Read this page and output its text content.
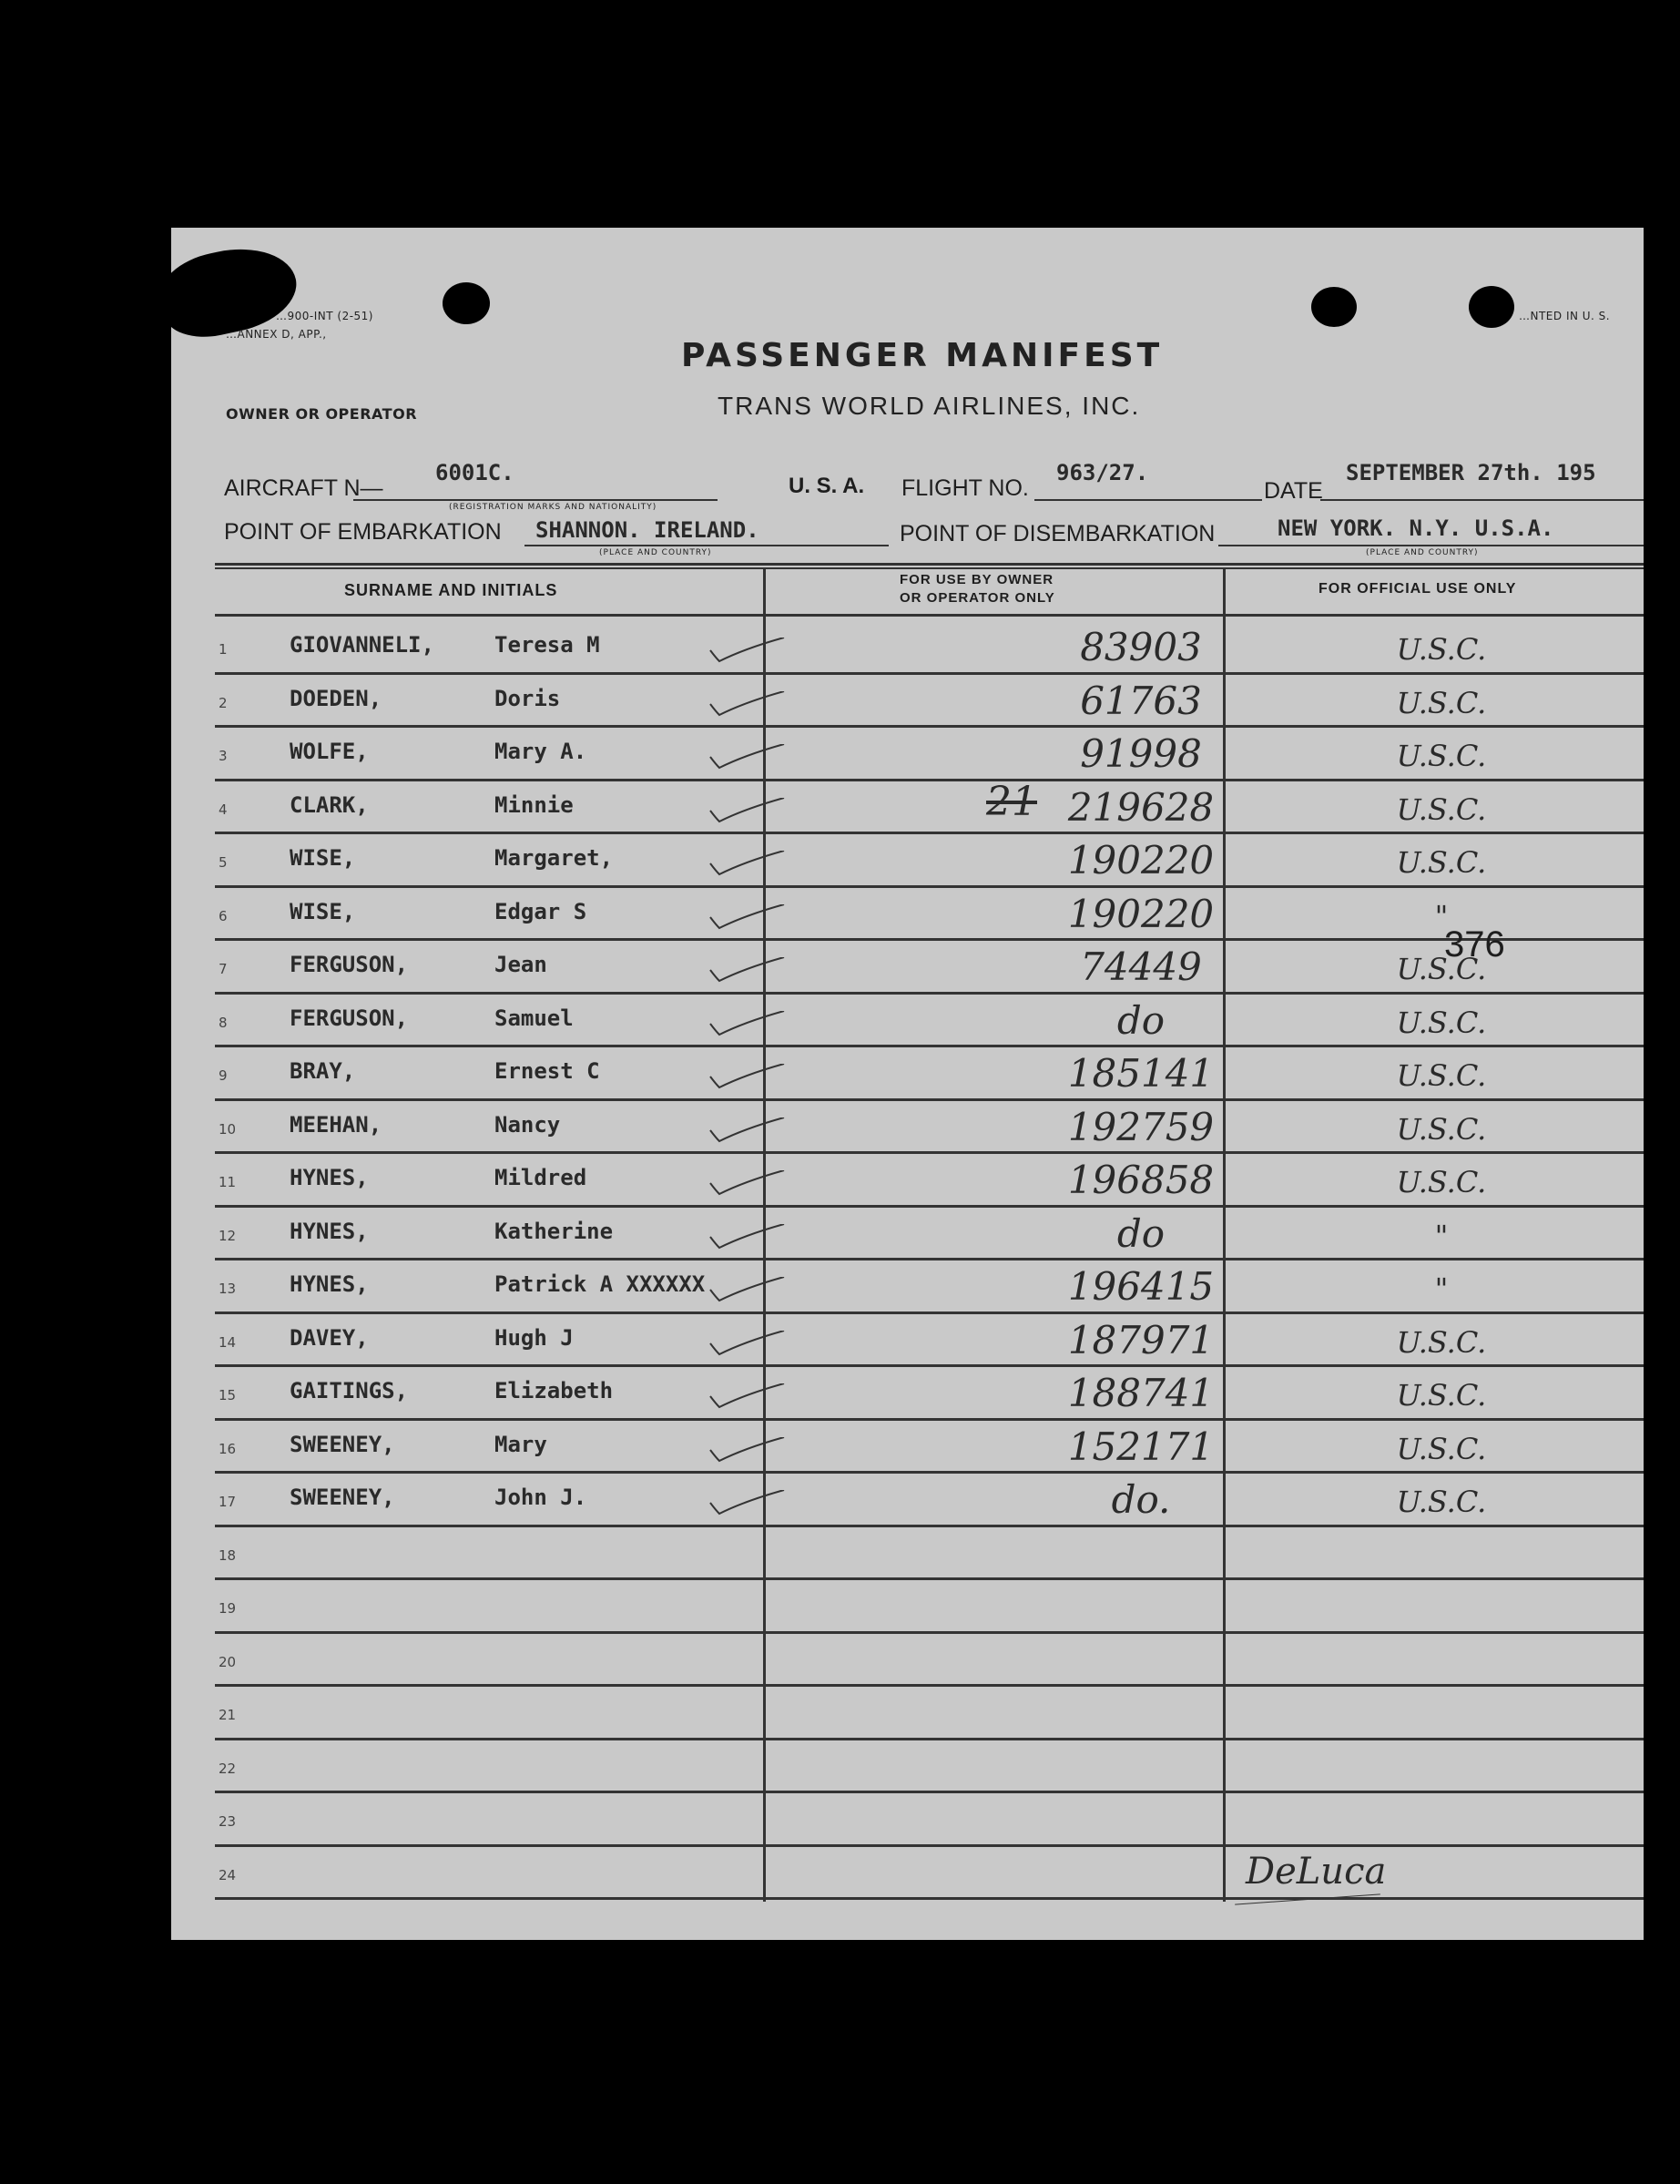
…900-INT (2-51)
…ANNEX D, APP.,
…NTED IN U. S.
PASSENGER MANIFEST
TRANS WORLD AIRLINES, INC.
OWNER OR OPERATOR
AIRCRAFT N—
6001C.
U. S. A.
(REGISTRATION MARKS AND NATIONALITY)
FLIGHT NO.
963/27.
DATE
SEPTEMBER 27th. 195
POINT OF EMBARKATION SHANNON. IRELAND.
(PLACE AND COUNTRY)
POINT OF DISEMBARKATION	NEW YORK. N.Y. U.S.A.
(PLACE AND COUNTRY)
SURNAME AND INITIALS
FOR USE BY OWNER
OR OPERATOR ONLY
FOR OFFICIAL USE ONLY
1	GIOVANNELI,	Teresa M	83903	U.S.C.
2	DOEDEN,	Doris	61763	U.S.C.
3	WOLFE,	Mary A.	91998	U.S.C.
4	CLARK,	Minnie	219628	U.S.C.
5	WISE,	Margaret,	190220	U.S.C.
6	WISE,	Edgar S	190220	"
7	FERGUSON,	Jean	74449	U.S.C.
8	FERGUSON,	Samuel	do	U.S.C.
9	BRAY,	Ernest C	185141	U.S.C.
10 MEEHAN,	Nancy	192759	U.S.C.
11 HYNES,	Mildred	196858	U.S.C.
12 HYNES,	Katherine	do	"
13 HYNES,	Patrick A XXXXXX	196415	"
14 DAVEY,	Hugh J	187971	U.S.C.
15 GAITINGS,	Elizabeth	188741	U.S.C.
16 SWEENEY,	Mary	152171	U.S.C.
17 SWEENEY,	John J.	do.	U.S.C.
18
19
20
21
22
23
24
21
376
DeLuca
